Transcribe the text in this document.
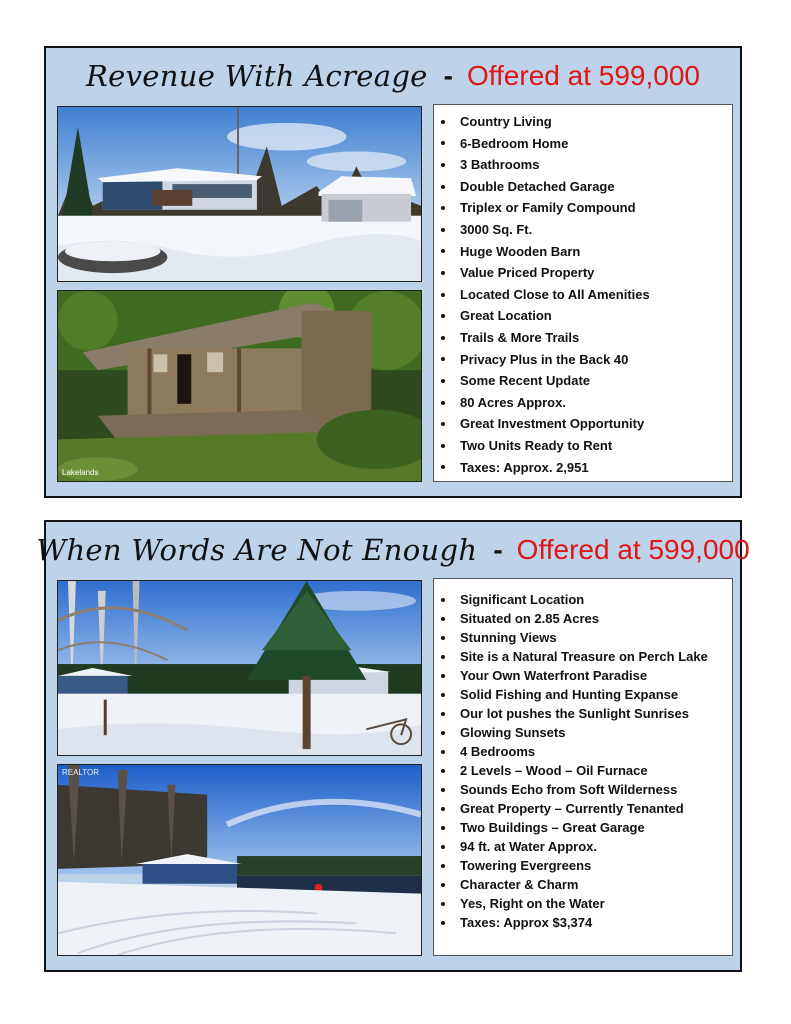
Revenue With Acreage - Offered at 599,000
Lakelands
Country Living
6-Bedroom Home
3 Bathrooms
Double Detached Garage
Triplex or Family Compound
3000 Sq. Ft.
Huge Wooden Barn
Value Priced Property
Located Close to All Amenities
Great Location
Trails & More Trails
Privacy Plus in the Back 40
Some Recent Update
80 Acres Approx.
Great Investment Opportunity
Two Units Ready to Rent
Taxes: Approx. 2,951
When Words Are Not Enough - Offered at 599,000
REALTOR
Significant Location
Situated on 2.85 Acres
Stunning Views
Site is a Natural Treasure on Perch Lake
Your Own Waterfront Paradise
Solid Fishing and Hunting Expanse
Our lot pushes the Sunlight Sunrises
Glowing Sunsets
4 Bedrooms
2 Levels – Wood – Oil Furnace
Sounds Echo from Soft Wilderness
Great Property – Currently Tenanted
Two Buildings – Great Garage
94 ft. at Water Approx.
Towering Evergreens
Character & Charm
Yes, Right on the Water
Taxes: Approx $3,374
